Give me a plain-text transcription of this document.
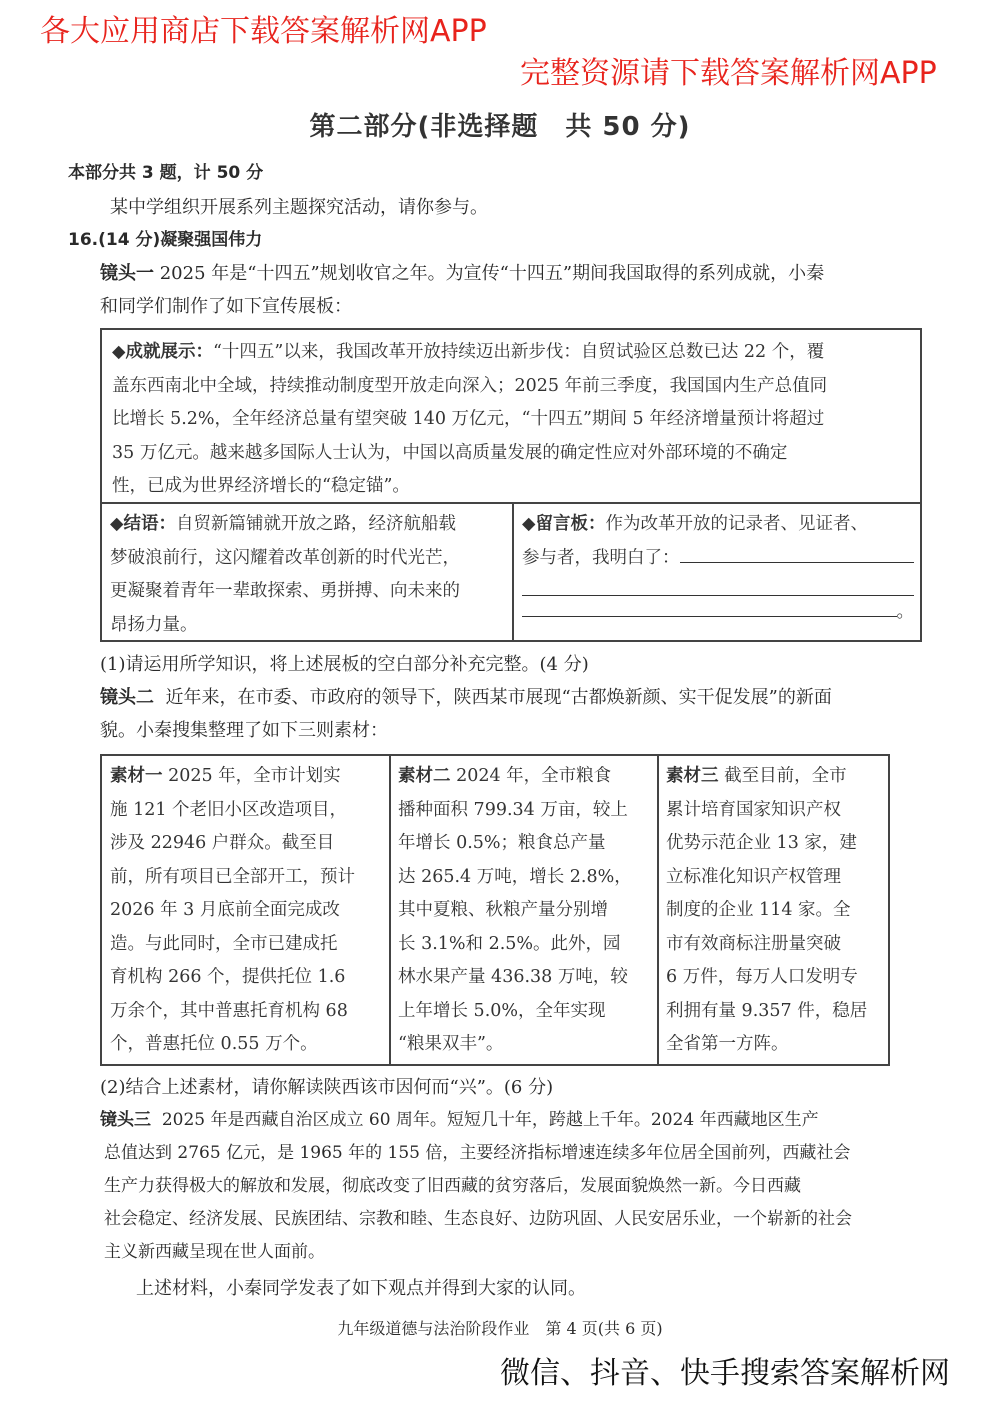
各大应用商店下载答案解析网APP
完整资源请下载答案解析网APP
微信、抖音、快手搜索答案解析网
第二部分(非选择题　共 50 分)
本部分共 3 题，计 50 分
某中学组织开展系列主题探究活动，请你参与。
16.(14 分)凝聚强国伟力
镜头一 2025 年是“十四五”规划收官之年。为宣传“十四五”期间我国取得的系列成就，小秦
和同学们制作了如下宣传展板：
◆成就展示：“十四五”以来，我国改革开放持续迈出新步伐：自贸试验区总数已达 22 个，覆
盖东西南北中全域，持续推动制度型开放走向深入；2025 年前三季度，我国国内生产总值同
比增长 5.2%，全年经济总量有望突破 140 万亿元，“十四五”期间 5 年经济增量预计将超过
35 万亿元。越来越多国际人士认为，中国以高质量发展的确定性应对外部环境的不确定
性，已成为世界经济增长的“稳定锚”。
◆结语：自贸新篇铺就开放之路，经济航船载
梦破浪前行，这闪耀着改革创新的时代光芒，
更凝聚着青年一辈敢探索、勇拼搏、向未来的
昂扬力量。
◆留言板：作为改革开放的记录者、见证者、
参与者，我明白了：
。
(1)请运用所学知识，将上述展板的空白部分补充完整。(4 分)
镜头二 近年来，在市委、市政府的领导下，陕西某市展现“古都焕新颜、实干促发展”的新面
貌。小秦搜集整理了如下三则素材：
素材一 2025 年，全市计划实
施 121 个老旧小区改造项目，
涉及 22946 户群众。截至目
前，所有项目已全部开工，预计
2026 年 3 月底前全面完成改
造。与此同时，全市已建成托
育机构 266 个，提供托位 1.6
万余个，其中普惠托育机构 68
个，普惠托位 0.55 万个。
素材二 2024 年，全市粮食
播种面积 799.34 万亩，较上
年增长 0.5%；粮食总产量
达 265.4 万吨，增长 2.8%，
其中夏粮、秋粮产量分别增
长 3.1%和 2.5%。此外，园
林水果产量 436.38 万吨，较
上年增长 5.0%，全年实现
“粮果双丰”。
素材三 截至目前，全市
累计培育国家知识产权
优势示范企业 13 家，建
立标准化知识产权管理
制度的企业 114 家。全
市有效商标注册量突破
6 万件，每万人口发明专
利拥有量 9.357 件，稳居
全省第一方阵。
(2)结合上述素材，请你解读陕西该市因何而“兴”。(6 分)
镜头三 2025 年是西藏自治区成立 60 周年。短短几十年，跨越上千年。2024 年西藏地区生产
总值达到 2765 亿元，是 1965 年的 155 倍，主要经济指标增速连续多年位居全国前列，西藏社会
生产力获得极大的解放和发展，彻底改变了旧西藏的贫穷落后，发展面貌焕然一新。今日西藏
社会稳定、经济发展、民族团结、宗教和睦、生态良好、边防巩固、人民安居乐业，一个崭新的社会
主义新西藏呈现在世人面前。
上述材料，小秦同学发表了如下观点并得到大家的认同。
九年级道德与法治阶段作业　第 4 页(共 6 页)
